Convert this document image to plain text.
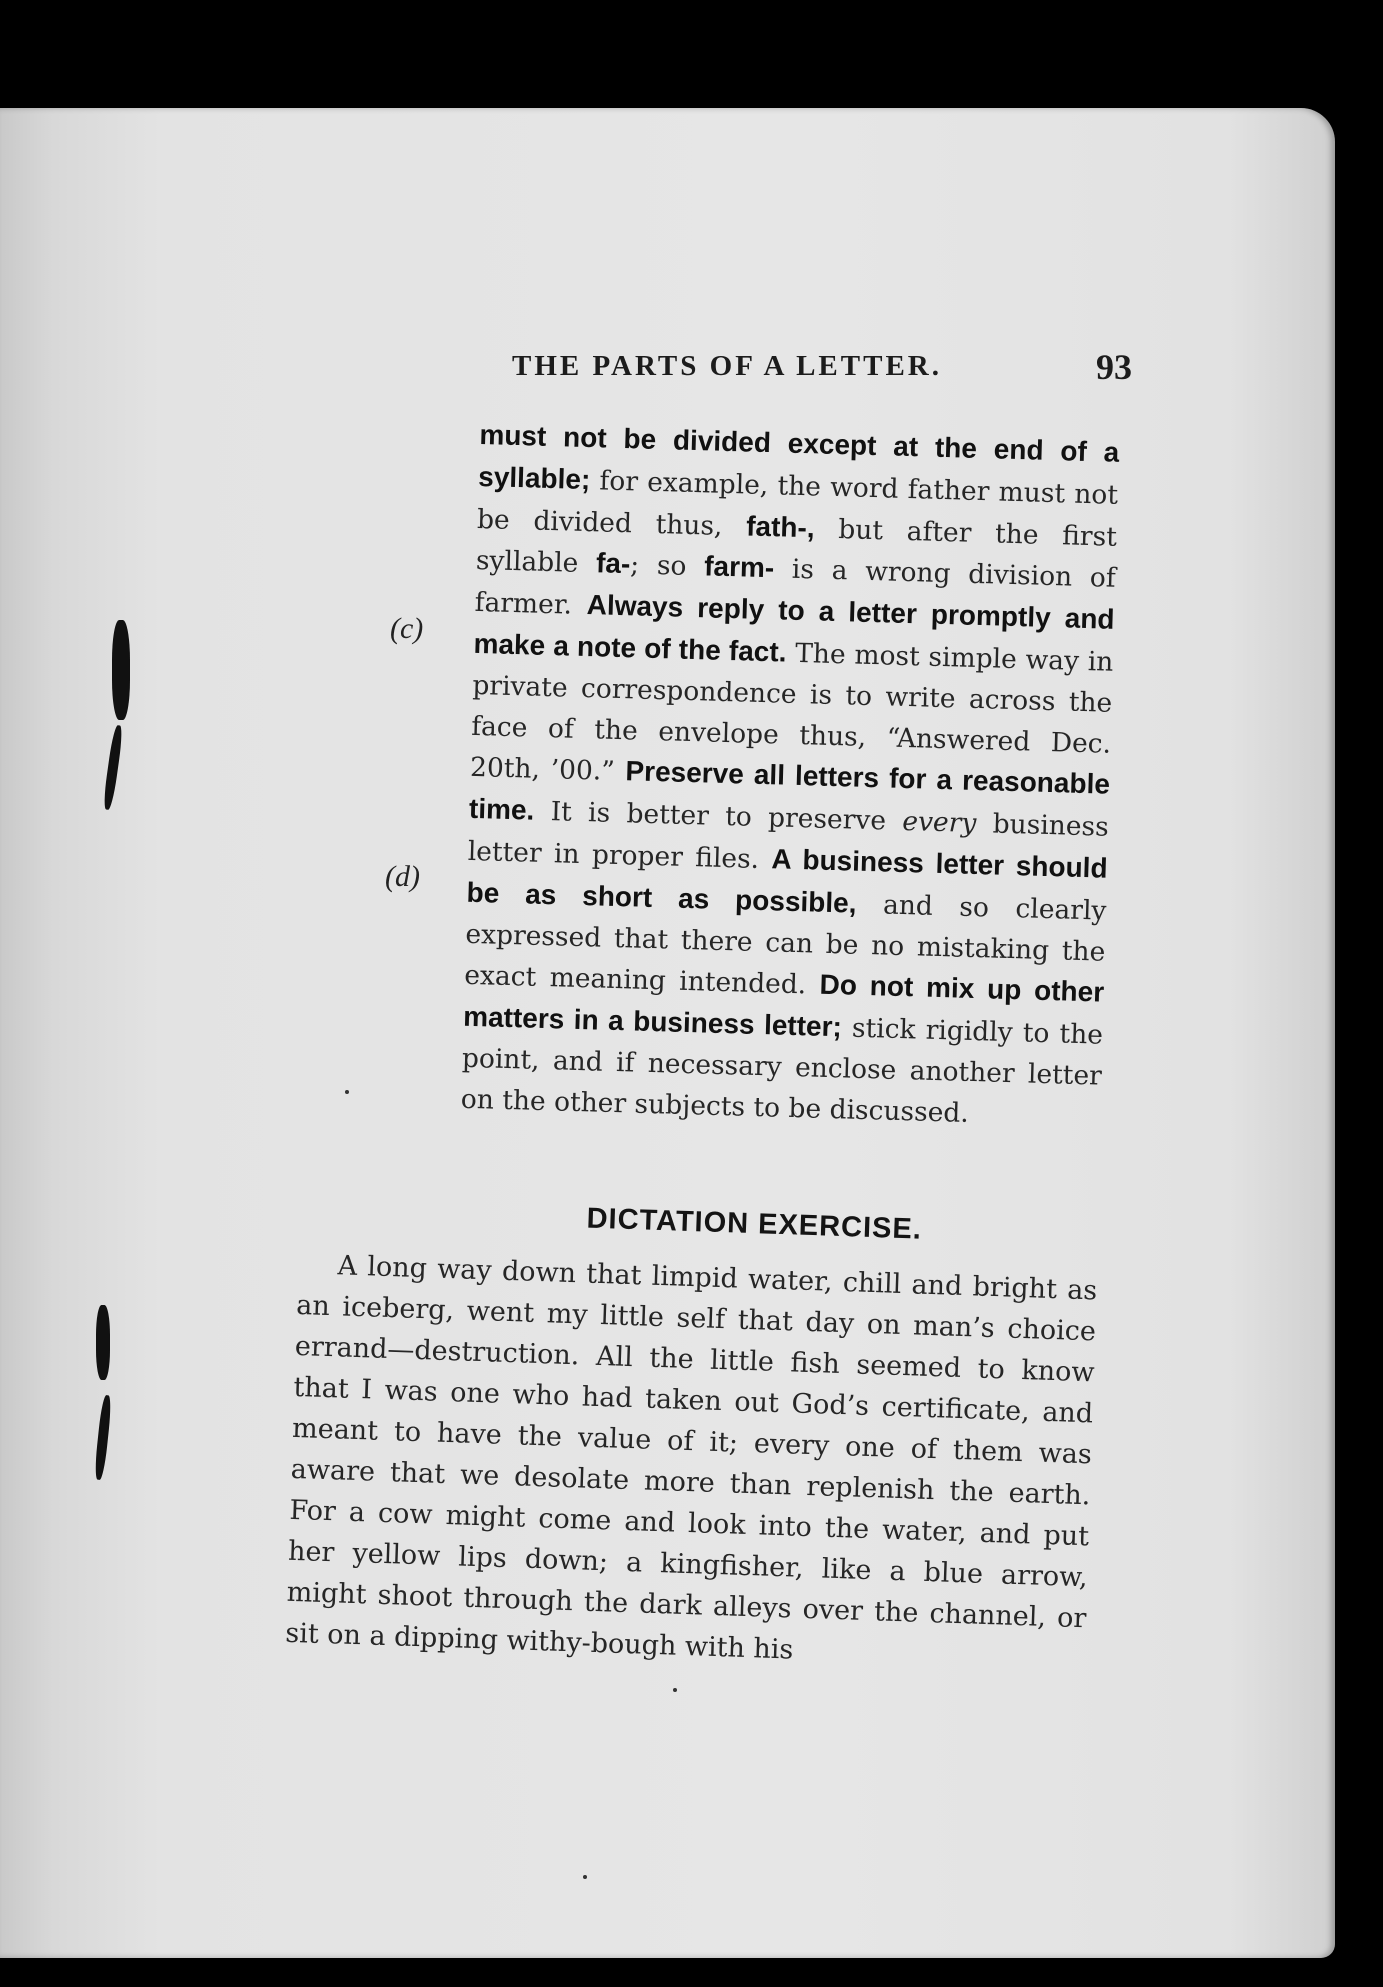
THE PARTS OF A LETTER.	93
(c)
(d)
must not be divided except at the end of a syllable; for example, the word father must not be divided thus, fath-, but after the first syllable fa-; so farm- is a wrong division of farmer. Always reply to a letter promptly and make a note of the fact. The most simple way in private correspondence is to write across the face of the envelope thus, “Answered Dec. 20th, ’00.” Preserve all letters for a reasonable time. It is better to preserve every business letter in proper files. A business letter should be as short as possible, and so clearly expressed that there can be no mistaking the exact meaning intended. Do not mix up other matters in a business letter; stick rigidly to the point, and if necessary enclose another letter on the other subjects to be discussed.
DICTATION EXERCISE.

A long way down that limpid water, chill and bright as an iceberg, went my little self that day on man’s choice errand—destruction. All the little fish seemed to know that I was one who had taken out God’s certificate, and meant to have the value of it; every one of them was aware that we desolate more than replenish the earth. For a cow might come and look into the water, and put her yellow lips down; a kingfisher, like a blue arrow, might shoot through the dark alleys over the channel, or sit on a dipping withy-bough with his
